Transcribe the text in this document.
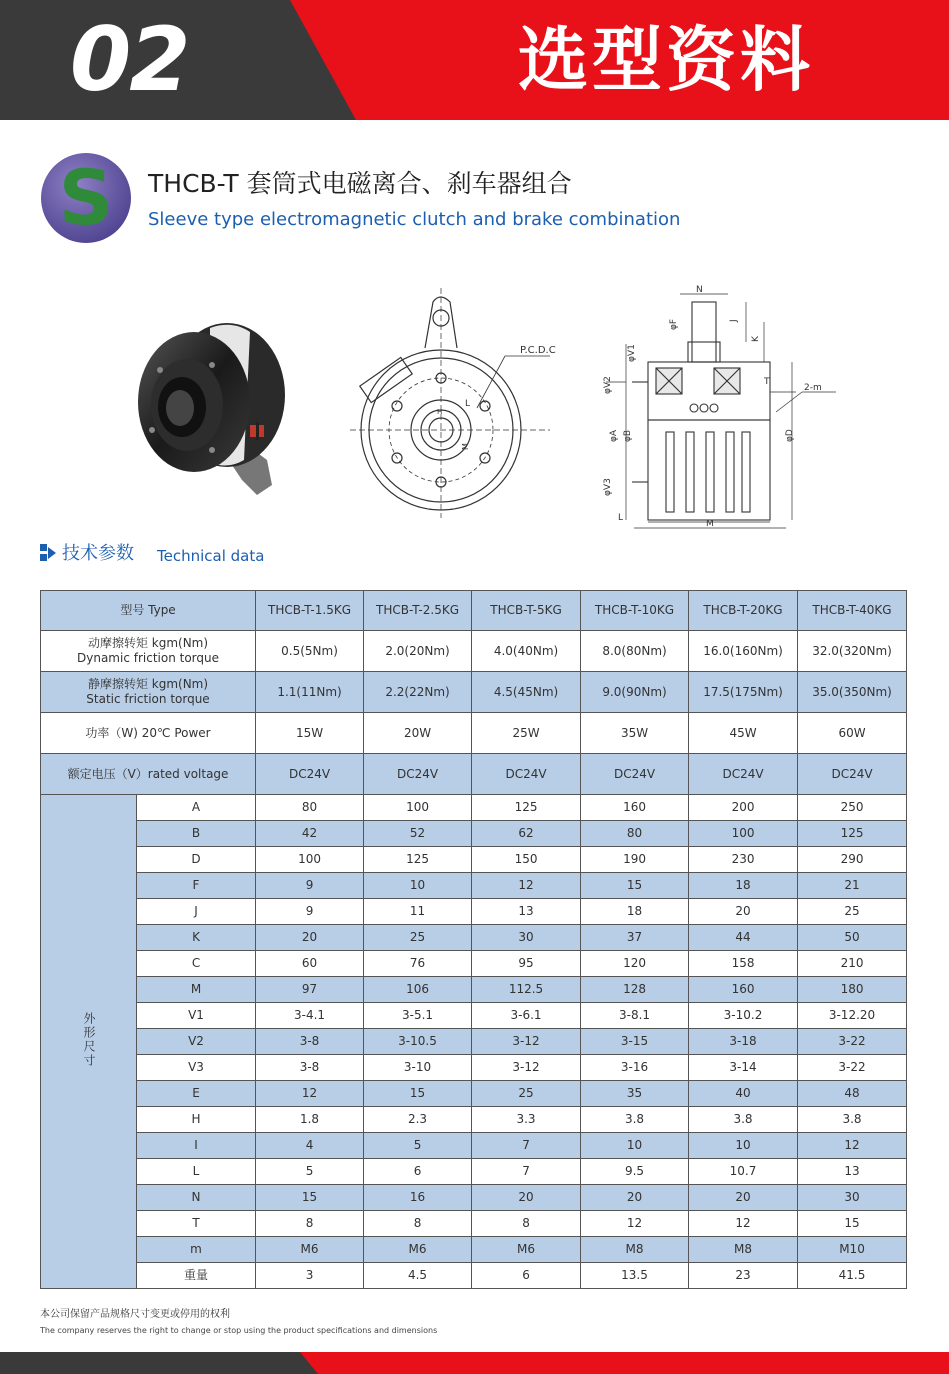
02	选型资料
S THCB-T 套筒式电磁离合、刹车器组合
Sleeve type electromagnetic clutch and brake combination
P.C.D.C
L
M
H
N
φF	J
K
φV1
φV2	T
2-m
φA φB	φD
φV3
L
M
技术参数 Technical data
型号 Type		THCB-T-1.5KG	THCB-T-2.5KG	THCB-T-5KG	THCB-T-10KG	THCB-T-20KG	THCB-T-40KG

动摩擦转矩 kgm(Nm)
Dynamic friction torque		0.5(5Nm)	2.0(20Nm)	4.0(40Nm)	8.0(80Nm)	16.0(160Nm)	32.0(320Nm)

静摩擦转矩 kgm(Nm)
Static friction torque		1.1(11Nm)	2.2(22Nm)	4.5(45Nm)	9.0(90Nm)	17.5(175Nm)	35.0(350Nm)

功率（W) 20℃ Power		15W	20W	25W	35W	45W	60W

额定电压（V）rated voltage		DC24V	DC24V	DC24V	DC24V	DC24V	DC24V
外形尺寸	A	80	100	125	160	200	250
	B	42	52	62	80	100	125
	D	100	125	150	190	230	290
	F	9	10	12	15	18	21
	J	9	11	13	18	20	25
	K	20	25	30	37	44	50
	C	60	76	95	120	158	210
	M	97	106	112.5	128	160	180
	V1	3-4.1	3-5.1	3-6.1	3-8.1	3-10.2	3-12.20
	V2	3-8	3-10.5	3-12	3-15	3-18	3-22
	V3	3-8	3-10	3-12	3-16	3-14	3-22
	E	12	15	25	35	40	48
	H	1.8	2.3	3.3	3.8	3.8	3.8
	I	4	5	7	10	10	12
	L	5	6	7	9.5	10.7	13
	N	15	16	20	20	20	30
	T	8	8	8	12	12	15
	m	M6	M6	M6	M8	M8	M10
	重量	3	4.5	6	13.5	23	41.5
本公司保留产品规格尺寸变更或停用的权利
The company reserves the right to change or stop using the product specifications and dimensions
